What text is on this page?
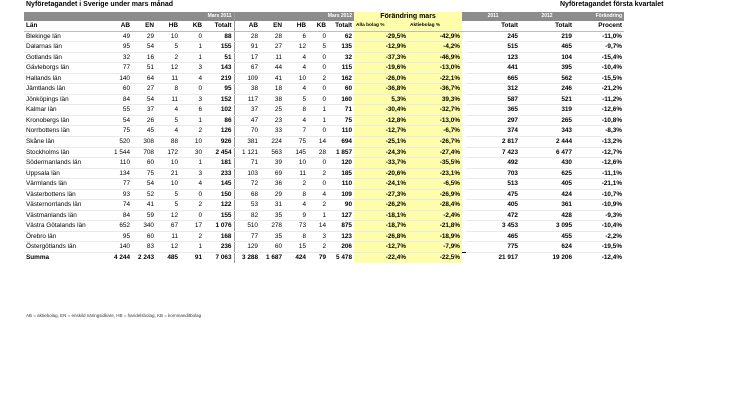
Nyföretagandet i Sverige under mars månad	Nyföretagandet första kvartalet
Mars 2011						Mars 2012					Förändring mars			2011	2012	Förändring
Län	AB	EN	HB	KB	Totalt	AB	EN	HB	KB	Totalt	Alla bolag %	Aktiebolag %		Totalt	Totalt	Procent
Blekinge län	49	29	10	0	88	28	28	6	0	62	-29,5%	-42,9%		245	219	-11,0%
Dalarnas län	95	54	5	1	155	91	27	12	5	135	-12,9%	-4,2%		515	465	-9,7%
Gotlands län	32	16	2	1	51	17	11	4	0	32	-37,3%	-46,9%		123	104	-15,4%
Gävleborgs län	77	51	12	3	143	67	44	4	0	115	-19,6%	-13,0%		441	395	-10,4%
Hallands län	140	64	11	4	219	109	41	10	2	162	-26,0%	-22,1%		665	562	-15,5%
Jämtlands län	60	27	8	0	95	38	18	4	0	60	-36,8%	-36,7%		312	246	-21,2%
Jönköpings län	84	54	11	3	152	117	38	5	0	160	5,3%	39,3%		587	521	-11,2%
Kalmar län	55	37	4	6	102	37	25	8	1	71	-30,4%	-32,7%		365	319	-12,6%
Kronobergs län	54	26	5	1	86	47	23	4	1	75	-12,8%	-13,0%		297	265	-10,8%
Norrbottens län	75	45	4	2	126	70	33	7	0	110	-12,7%	-6,7%		374	343	-8,3%
Skåne län	520	308	88	10	926	381	224	75	14	694	-25,1%	-26,7%		2 817	2 444	-13,2%
Stockholms län	1 544	708	172	30	2 454	1 121	563	145	28	1 857	-24,3%	-27,4%		7 423	6 477	-12,7%
Södermanlands län	110	60	10	1	181	71	39	10	0	120	-33,7%	-35,5%		492	430	-12,6%
Uppsala län	134	75	21	3	233	103	69	11	2	185	-20,6%	-23,1%		703	625	-11,1%
Värmlands län	77	54	10	4	145	72	36	2	0	110	-24,1%	-6,5%		513	405	-21,1%
Västerbottens län	93	52	5	0	150	68	29	8	4	109	-27,3%	-26,9%		475	424	-10,7%
Västernorrlands län	74	41	5	2	122	53	31	4	2	90	-26,2%	-28,4%		405	361	-10,9%
Västmanlands län	84	59	12	0	155	82	35	9	1	127	-18,1%	-2,4%		472	428	-9,3%
Västra Götalands län	652	340	67	17	1 076	510	278	73	14	875	-18,7%	-21,8%		3 453	3 095	-10,4%
Örebro län	95	60	11	2	168	77	35	8	3	123	-26,8%	-18,9%		465	455	-2,2%
Östergötlands län	140	83	12	1	236	129	60	15	2	206	-12,7%	-7,9%		775	624	-19,5%
Summa	4 244	2 243	485	91	7 063	3 288	1 687	424	79	5 478	-22,4%	-22,5%		21 917	19 206	-12,4%
AB = aktiebolag, EN = enskild näringsidkare, HB = handelsbolag, KB = kommanditbolag
